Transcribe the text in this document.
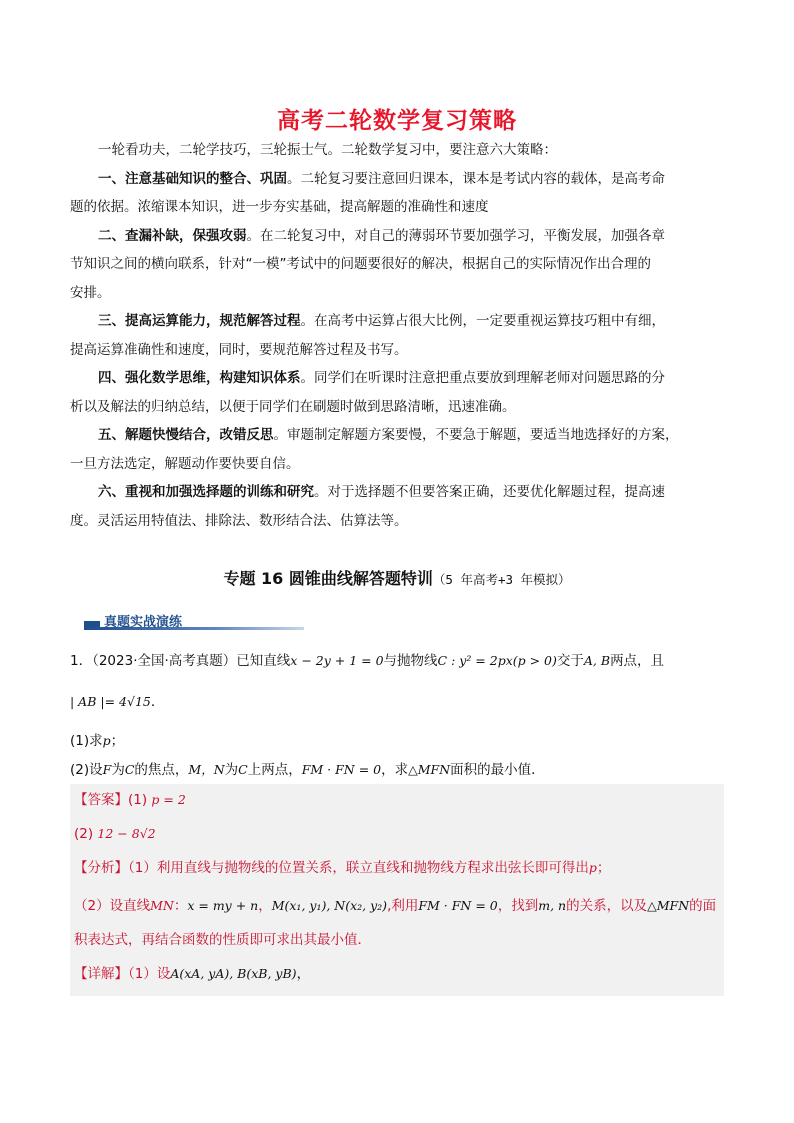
高考二轮数学复习策略

一轮看功夫，二轮学技巧，三轮振士气。二轮数学复习中，要注意六大策略：

一、注意基础知识的整合、巩固。二轮复习要注意回归课本，课本是考试内容的载体，是高考命

题的依据。浓缩课本知识，进一步夯实基础，提高解题的准确性和速度

二、查漏补缺，保强攻弱。在二轮复习中，对自己的薄弱环节要加强学习，平衡发展，加强各章

节知识之间的横向联系，针对“一模”考试中的问题要很好的解决，根据自己的实际情况作出合理的

安排。

三、提高运算能力，规范解答过程。在高考中运算占很大比例，一定要重视运算技巧粗中有细，

提高运算准确性和速度，同时，要规范解答过程及书写。

四、强化数学思维，构建知识体系。同学们在听课时注意把重点要放到理解老师对问题思路的分

析以及解法的归纳总结，以便于同学们在刷题时做到思路清晰，迅速准确。

五、解题快慢结合，改错反思。审题制定解题方案要慢，不要急于解题，要适当地选择好的方案，

一旦方法选定，解题动作要快要自信。

六、重视和加强选择题的训练和研究。对于选择题不但要答案正确，还要优化解题过程，提高速

度。灵活运用特值法、排除法、数形结合法、估算法等。

专题 16 圆锥曲线解答题特训（5 年高考+3 年模拟）
真题实战演练
1．（2023·全国·高考真题）已知直线x − 2y + 1 = 0与抛物线C : y² = 2px(p > 0)交于A, B两点，且
| AB |= 4√15．
(1)求p；
(2)设F为C的焦点，M，N为C上两点，FM · FN = 0，求△MFN面积的最小值．
【答案】(1) p = 2
(2) 12 − 8√2
【分析】（1）利用直线与抛物线的位置关系，联立直线和抛物线方程求出弦长即可得出p；
（2）设直线MN：x = my + n，M(x₁, y₁), N(x₂, y₂),利用FM · FN = 0，找到m, n的关系，以及△MFN的面
积表达式，再结合函数的性质即可求出其最小值．
【详解】（1）设A(xA, yA), B(xB, yB)，
